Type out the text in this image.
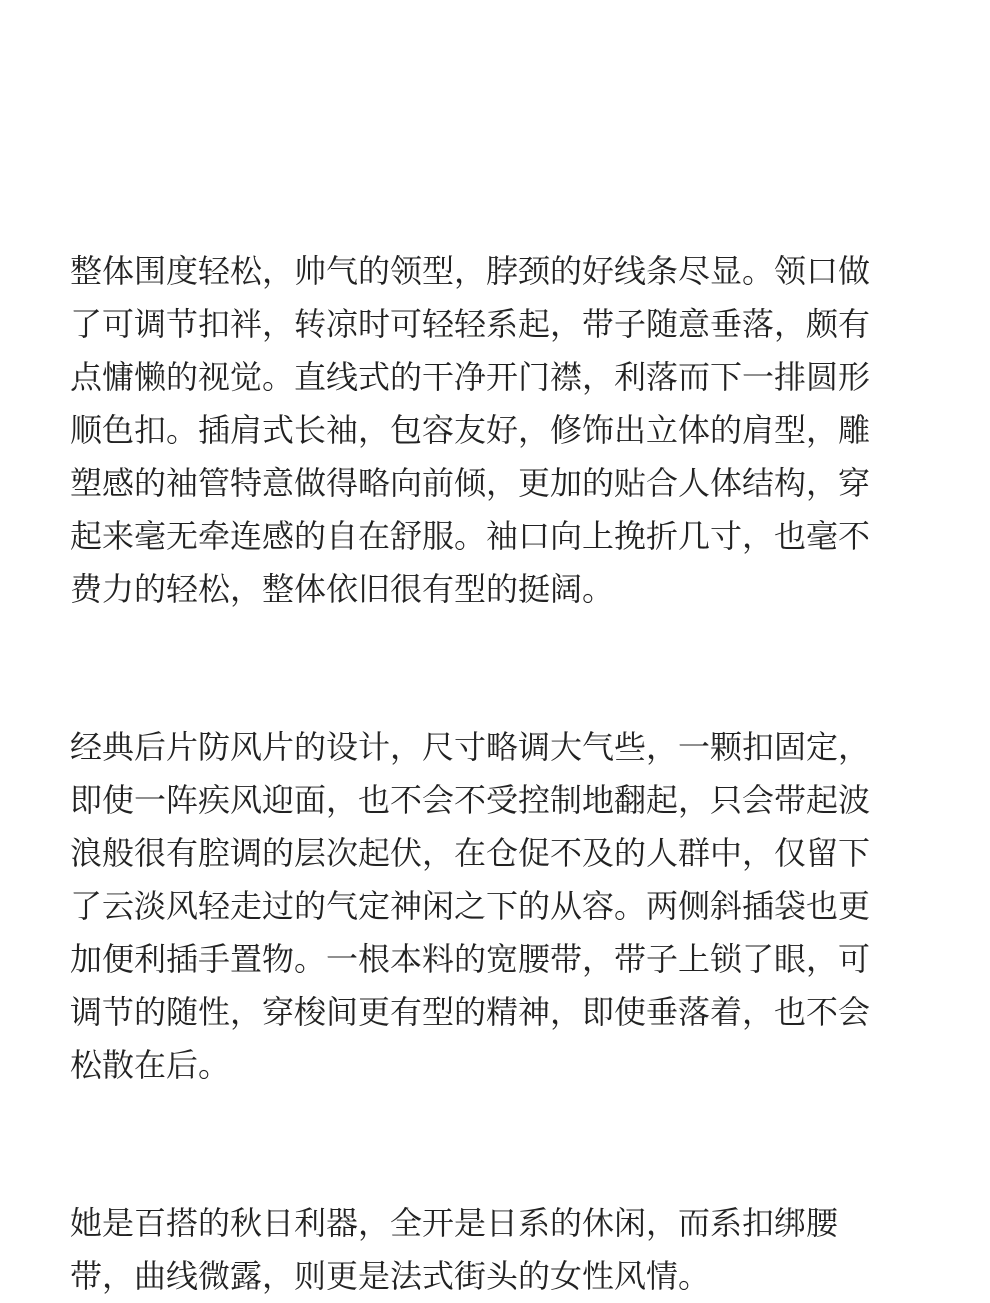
整体围度轻松，帅气的领型，脖颈的好线条尽显。领口做
了可调节扣袢，转凉时可轻轻系起，带子随意垂落，颇有
点慵懒的视觉。直线式的干净开门襟，利落而下一排圆形
顺色扣。插肩式长袖，包容友好，修饰出立体的肩型，雕
塑感的袖管特意做得略向前倾，更加的贴合人体结构，穿
起来毫无牵连感的自在舒服。袖口向上挽折几寸，也毫不
费力的轻松，整体依旧很有型的挺阔。

经典后片防风片的设计，尺寸略调大气些，一颗扣固定，
即使一阵疾风迎面，也不会不受控制地翻起，只会带起波
浪般很有腔调的层次起伏，在仓促不及的人群中，仅留下
了云淡风轻走过的气定神闲之下的从容。两侧斜插袋也更
加便利插手置物。一根本料的宽腰带，带子上锁了眼，可
调节的随性，穿梭间更有型的精神，即使垂落着，也不会
松散在后。

她是百搭的秋日利器，全开是日系的休闲，而系扣绑腰
带，曲线微露，则更是法式街头的女性风情。
